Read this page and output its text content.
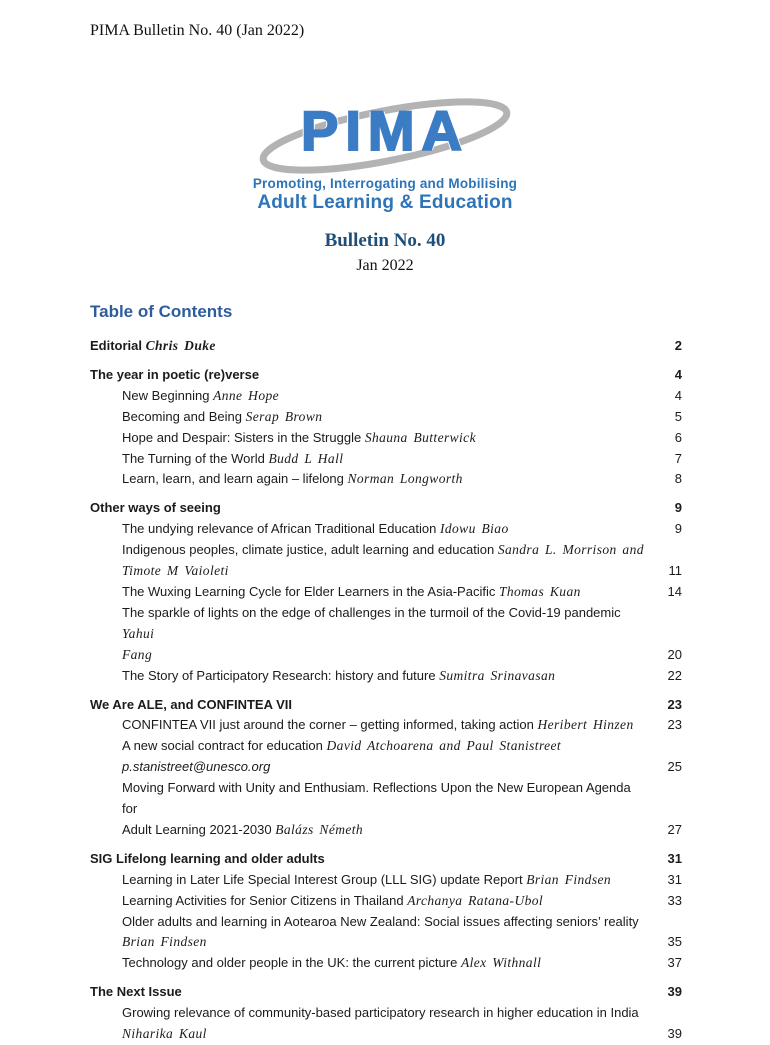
PIMA Bulletin No. 40 (Jan 2022)
PIMA
Promoting, Interrogating and Mobilising
Adult Learning & Education
Bulletin No. 40
Jan 2022
Table of Contents
Editorial Chris Duke	2
The year in poetic (re)verse	4
New Beginning Anne Hope	4
Becoming and Being Serap Brown	5
Hope and Despair: Sisters in the Struggle Shauna Butterwick	6
The Turning of the World Budd L Hall	7
Learn, learn, and learn again – lifelong Norman Longworth	8
Other ways of seeing	9
The undying relevance of African Traditional Education Idowu Biao	9
Indigenous peoples, climate justice, adult learning and education Sandra L. Morrison and
Timote M Vaioleti	11
The Wuxing Learning Cycle for Elder Learners in the Asia-Pacific Thomas Kuan	14
The sparkle of lights on the edge of challenges in the turmoil of the Covid-19 pandemic Yahui
Fang	20
The Story of Participatory Research: history and future Sumitra Srinavasan	22
We Are ALE, and CONFINTEA VII	23
CONFINTEA VII just around the corner – getting informed, taking action Heribert Hinzen	23
A new social contract for education David Atchoarena and Paul Stanistreet
p.stanistreet@unesco.org	25
Moving Forward with Unity and Enthusiam. Reflections Upon the New European Agenda for
Adult Learning 2021-2030 Balázs Németh	27
SIG Lifelong learning and older adults	31
Learning in Later Life Special Interest Group (LLL SIG) update Report Brian Findsen	31
Learning Activities for Senior Citizens in Thailand Archanya Ratana-Ubol	33
Older adults and learning in Aotearoa New Zealand: Social issues affecting seniors’ reality
Brian Findsen	35
Technology and older people in the UK: the current picture Alex Withnall	37
The Next Issue	39
Growing relevance of community-based participatory research in higher education in India
Niharika Kaul	39
